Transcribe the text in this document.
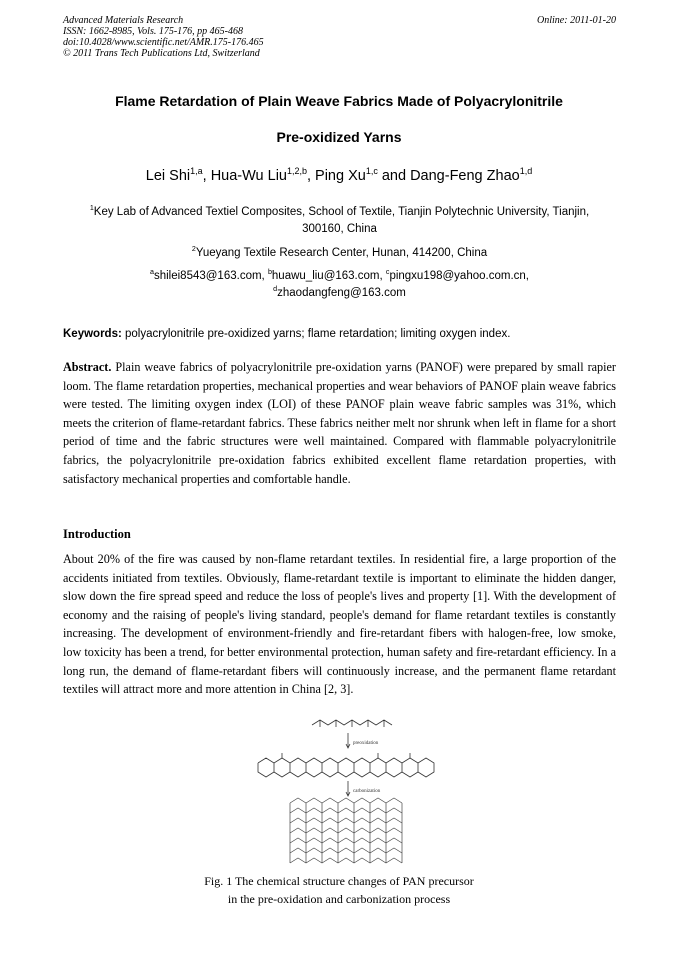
Advanced Materials Research
ISSN: 1662-8985, Vols. 175-176, pp 465-468
doi:10.4028/www.scientific.net/AMR.175-176.465
© 2011 Trans Tech Publications Ltd, Switzerland
Online: 2011-01-20
Flame Retardation of Plain Weave Fabrics Made of Polyacrylonitrile
Pre-oxidized Yarns
Lei Shi$^{1,a}$, Hua-Wu Liu$^{1,2,b}$, Ping Xu$^{1,c}$ and Dang-Feng Zhao$^{1,d}$
$^1$Key Lab of Advanced Textiel Composites, School of Textile, Tianjin Polytechnic University, Tianjin,
300160, China
$^2$Yueyang Textile Research Center, Hunan, 414200, China
$^a$shilei8543@163.com, $^b$huawu_liu@163.com, $^c$pingxu198@yahoo.com.cn,
$^d$zhaodangfeng@163.com
Keywords: polyacrylonitrile pre-oxidized yarns; flame retardation; limiting oxygen index.
Abstract. Plain weave fabrics of polyacrylonitrile pre-oxidation yarns (PANOF) were prepared by small rapier loom. The flame retardation properties, mechanical properties and wear behaviors of PANOF plain weave fabrics were tested. The limiting oxygen index (LOI) of these PANOF plain weave fabric samples was 31%, which meets the criterion of flame-retardant fabrics. These fabrics neither melt nor shrunk when left in flame for a short period of time and the fabric structures were well maintained. Compared with flammable polyacrylonitrile fabrics, the polyacrylonitrile pre-oxidation fabrics exhibited excellent flame retardation properties, with satisfactory mechanical properties and comfortable handle.
Introduction
About 20% of the fire was caused by non-flame retardant textiles. In residential fire, a large proportion of the accidents initiated from textiles. Obviously, flame-retardant textile is important to eliminate the hidden danger, slow down the fire spread speed and reduce the loss of people's lives and property [1]. With the development of economy and the raising of people's living standard, people's demand for flame retardant textiles is constantly increasing. The development of environment-friendly and fire-retardant fibers with halogen-free, low smoke, low toxicity has been a trend, for better environmental protection, human safety and fire-retardant efficiency. In a long run, the demand of flame-retardant fibers will continuously increase, and the permanent flame retardant textiles will attract more and more attention in China [2, 3].
preoxidation
carbonization
Fig. 1 The chemical structure changes of PAN precursor
in the pre-oxidation and carbonization process
